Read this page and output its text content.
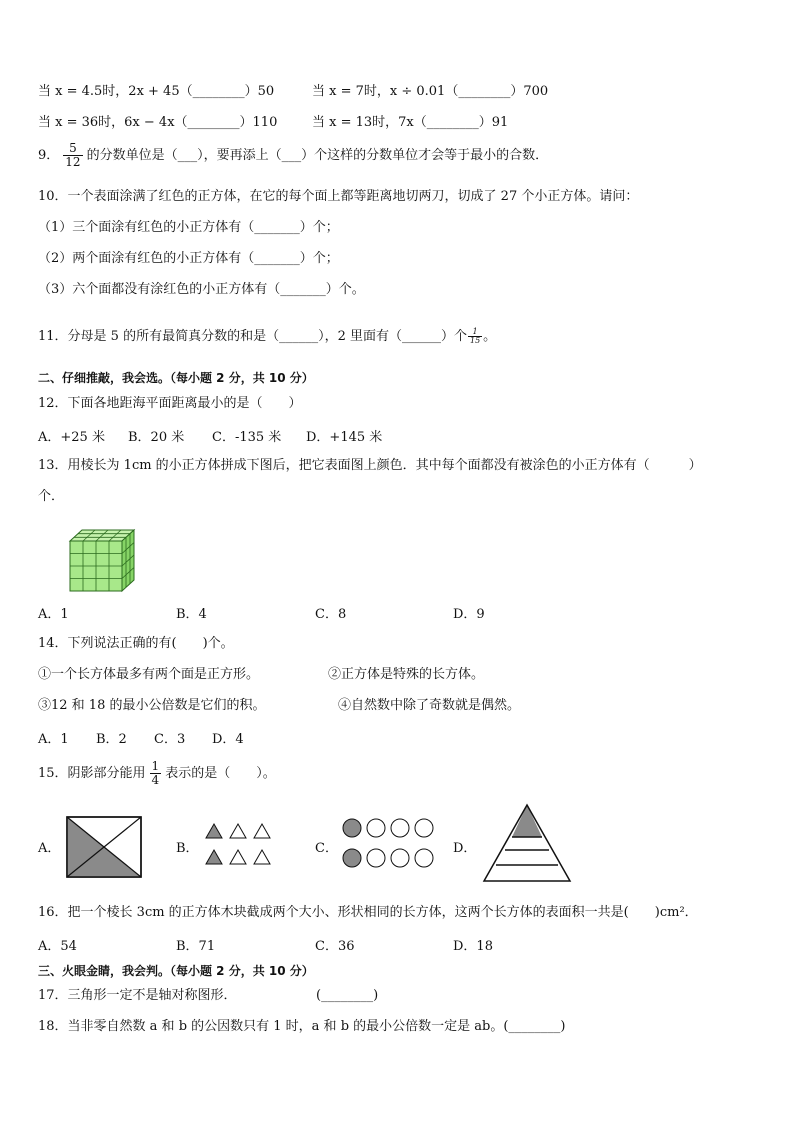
当 x = 4.5时，2x + 45（________）50	当 x = 7时，x ÷ 0.01（________）700
当 x = 36时，6x − 4x（________）110	当 x = 13时，7x（________）91
9． $\frac{5}{12}$ 的分数单位是（___），要再添上（___）个这样的分数单位才会等于最小的合数．
10．一个表面涂满了红色的正方体，在它的每个面上都等距离地切两刀，切成了 27 个小正方体。请问：
（1）三个面涂有红色的小正方体有（_______）个；
（2）两个面涂有红色的小正方体有（_______）个；
（3）六个面都没有涂红色的小正方体有（_______）个。
11．分母是 5 的所有最简真分数的和是（______），2 里面有（______）个 $\frac{1}{15}$ 。
二、仔细推敲，我会选。（每小题 2 分，共 10 分）
12．下面各地距海平面距离最小的是（　　）
A．+25 米 B．20 米 C．-135 米 D．+145 米
13．用棱长为 1cm 的小正方体拼成下图后，把它表面图上颜色．其中每个面都没有被涂色的小正方体有（　　　）
个．
A．1	B．4	C．8	D．9
14．下列说法正确的有(　　)个。
①一个长方体最多有两个面是正方形。	②正方体是特殊的长方体。
③12 和 18 的最小公倍数是它们的积。	④自然数中除了奇数就是偶然。
A．1 B．2 C．3 D．4
15．阴影部分能用 $\frac{1}{4}$ 表示的是（　　）。
A．	B．	C．	D．
16．把一个棱长 3cm 的正方体木块截成两个大小、形状相同的长方体，这两个长方体的表面积一共是(　　)cm²．
A．54	B．71	C．36	D．18
三、火眼金睛，我会判。（每小题 2 分，共 10 分）
17．三角形一定不是轴对称图形．	(________)
18．当非零自然数 a 和 b 的公因数只有 1 时，a 和 b 的最小公倍数一定是 ab。(________)
